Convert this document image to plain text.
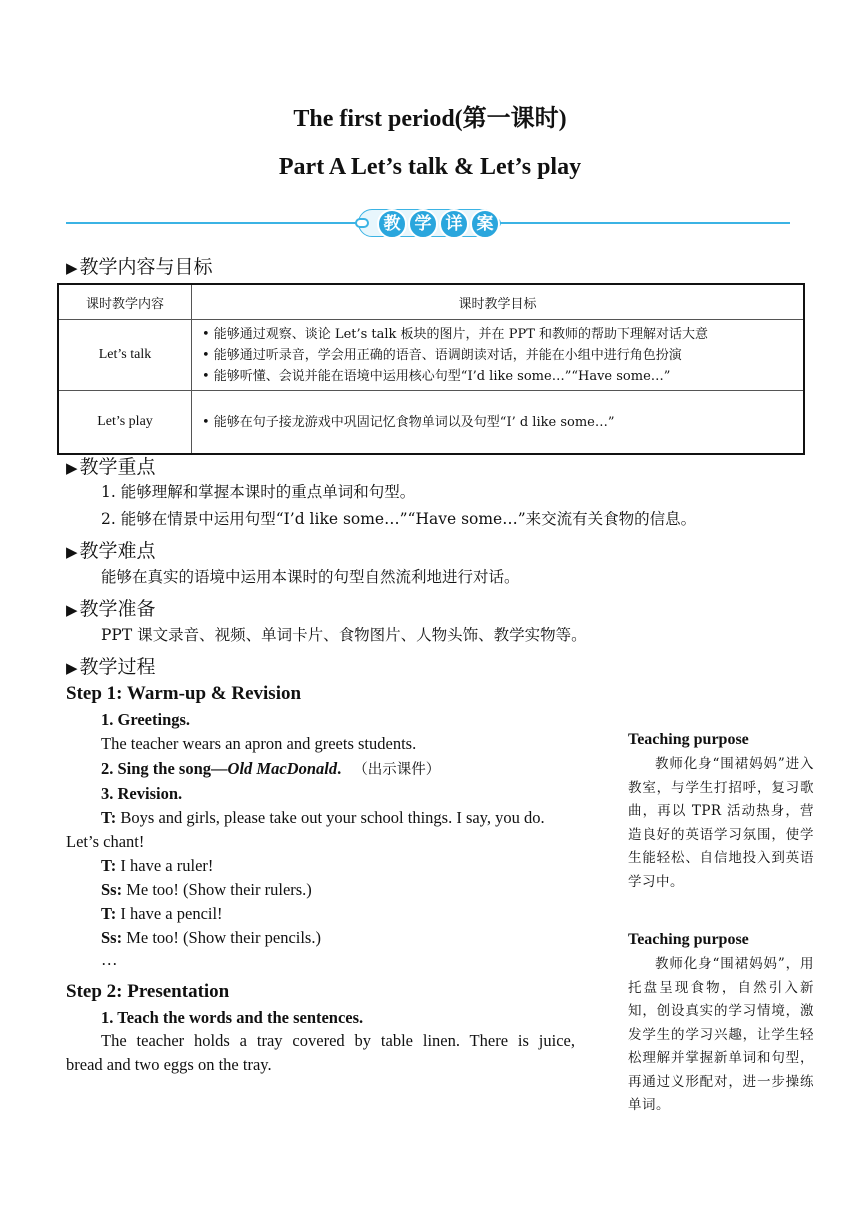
The first period(第一课时)
Part A Let’s talk & Let’s play
教 学 详 案
▶ 教学内容与目标
课时教学内容	课时教学目标
Let’s talk	• 能够通过观察、谈论 Let’s talk 板块的图片，并在 PPT 和教师的帮助下理解对话大意
• 能够通过听录音，学会用正确的语音、语调朗读对话，并能在小组中进行角色扮演
• 能够听懂、会说并能在语境中运用核心句型“I’d like some…”“Have some…”

Let’s play	• 能够在句子接龙游戏中巩固记忆食物单词以及句型“I’ d like some…”
▶ 教学重点
1. 能够理解和掌握本课时的重点单词和句型。
2. 能够在情景中运用句型“I’d like some…”“Have some…”来交流有关食物的信息。
▶ 教学难点
能够在真实的语境中运用本课时的句型自然流利地进行对话。
▶ 教学准备
PPT 课文录音、视频、单词卡片、食物图片、人物头饰、教学实物等。
▶ 教学过程
Step 1: Warm-up & Revision
1. Greetings.
The teacher wears an apron and greets students.
2. Sing the song—Old MacDonald. （出示课件）
3. Revision.
T: Boys and girls, please take out your school things. I say, you do.
Let’s chant!
T: I have a ruler!
Ss: Me too! (Show their rulers.)
T: I have a pencil!
Ss: Me too! (Show their pencils.)
…
Step 2: Presentation
1. Teach the words and the sentences.
The teacher holds a tray covered by table linen. There is juice,
bread and two eggs on the tray.
Teaching purpose
教师化身“围裙妈妈”进入教室，与学生打招呼，复习歌曲，再以 TPR 活动热身，营造良好的英语学习氛围，使学生能轻松、自信地投入到英语学习中。
Teaching purpose
教师化身“围裙妈妈”，用托盘呈现食物，自然引入新知，创设真实的学习情境，激发学生的学习兴趣，让学生轻松理解并掌握新单词和句型，再通过义形配对，进一步操练单词。
